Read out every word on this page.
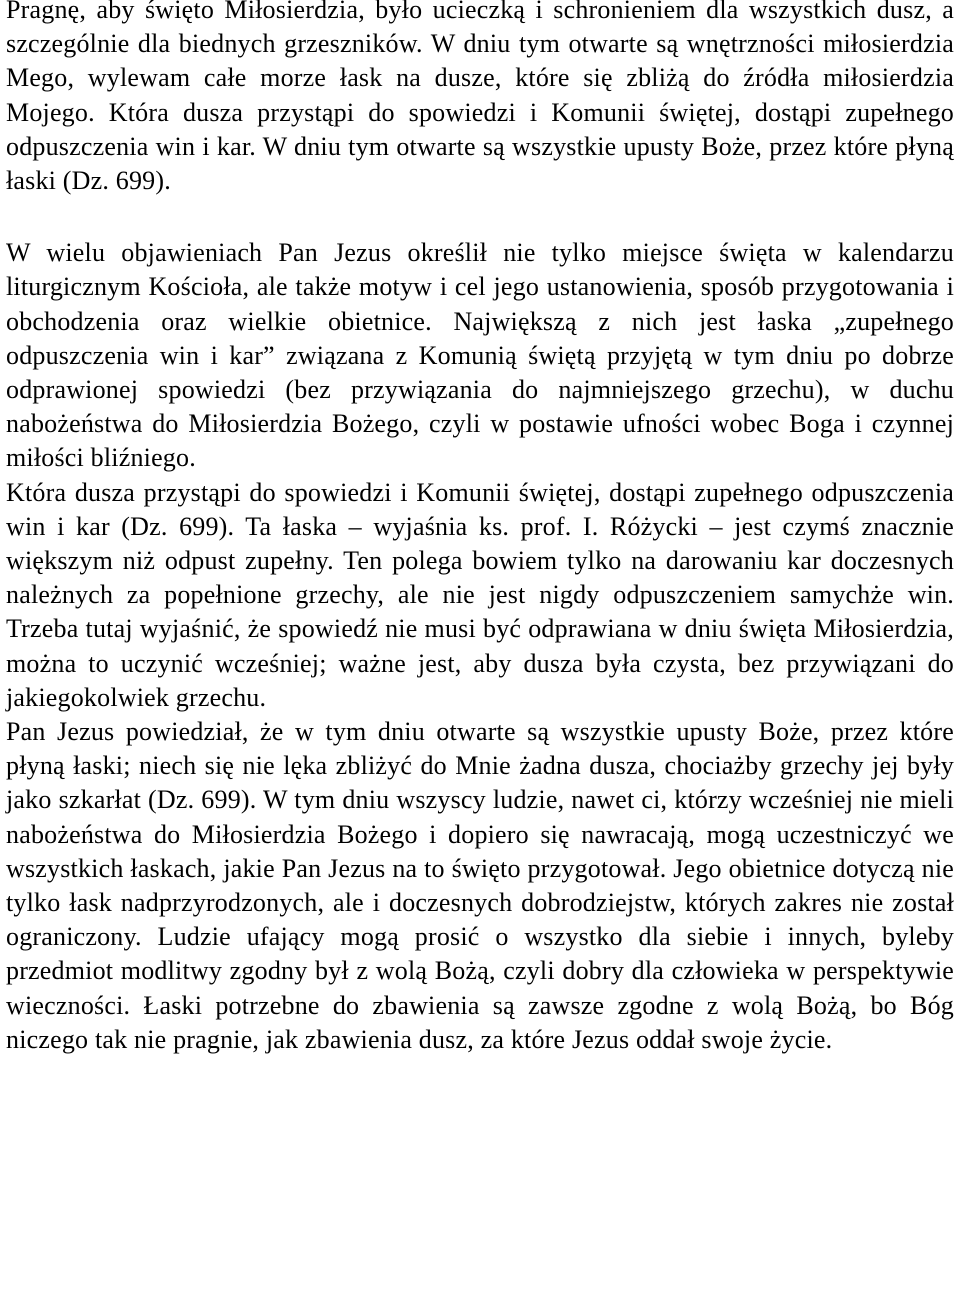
Pragnę, aby święto Miłosierdzia, było ucieczką i schronieniem dla wszystkich dusz, a szczególnie dla biednych grzeszników. W dniu tym otwarte są wnętrzności miłosierdzia Mego, wylewam całe morze łask na dusze, które się zbliżą do źródła miłosierdzia Mojego. Która dusza przystąpi do spowiedzi i Komunii świętej, dostąpi zupełnego odpuszczenia win i kar. W dniu tym otwarte są wszystkie upusty Boże, przez które płyną łaski (Dz. 699).

W wielu objawieniach Pan Jezus określił nie tylko miejsce święta w kalendarzu liturgicznym Kościoła, ale także motyw i cel jego ustanowienia, sposób przygotowania i obchodzenia oraz wielkie obietnice. Największą z nich jest łaska „zupełnego odpuszczenia win i kar” związana z Komunią świętą przyjętą w tym dniu po dobrze odprawionej spowiedzi (bez przywiązania do najmniejszego grzechu), w duchu nabożeństwa do Miłosierdzia Bożego, czyli w postawie ufności wobec Boga i czynnej miłości bliźniego.

Która dusza przystąpi do spowiedzi i Komunii świętej, dostąpi zupełnego odpuszczenia win i kar (Dz. 699). Ta łaska – wyjaśnia ks. prof. I. Różycki – jest czymś znacznie większym niż odpust zupełny. Ten polega bowiem tylko na darowaniu kar doczesnych należnych za popełnione grzechy, ale nie jest nigdy odpuszczeniem samychże win. Trzeba tutaj wyjaśnić, że spowiedź nie musi być odprawiana w dniu święta Miłosierdzia, można to uczynić wcześniej; ważne jest, aby dusza była czysta, bez przywiązani do jakiegokolwiek grzechu.

Pan Jezus powiedział, że w tym dniu otwarte są wszystkie upusty Boże, przez które płyną łaski; niech się nie lęka zbliżyć do Mnie żadna dusza, chociażby grzechy jej były jako szkarłat (Dz. 699). W tym dniu wszyscy ludzie, nawet ci, którzy wcześniej nie mieli nabożeństwa do Miłosierdzia Bożego i dopiero się nawracają, mogą uczestniczyć we wszystkich łaskach, jakie Pan Jezus na to święto przygotował. Jego obietnice dotyczą nie tylko łask nadprzyrodzonych, ale i doczesnych dobrodziejstw, których zakres nie został ograniczony. Ludzie ufający mogą prosić o wszystko dla siebie i innych, byleby przedmiot modlitwy zgodny był z wolą Bożą, czyli dobry dla człowieka w perspektywie wieczności. Łaski potrzebne do zbawienia są zawsze zgodne z wolą Bożą, bo Bóg niczego tak nie pragnie, jak zbawienia dusz, za które Jezus oddał swoje życie.
